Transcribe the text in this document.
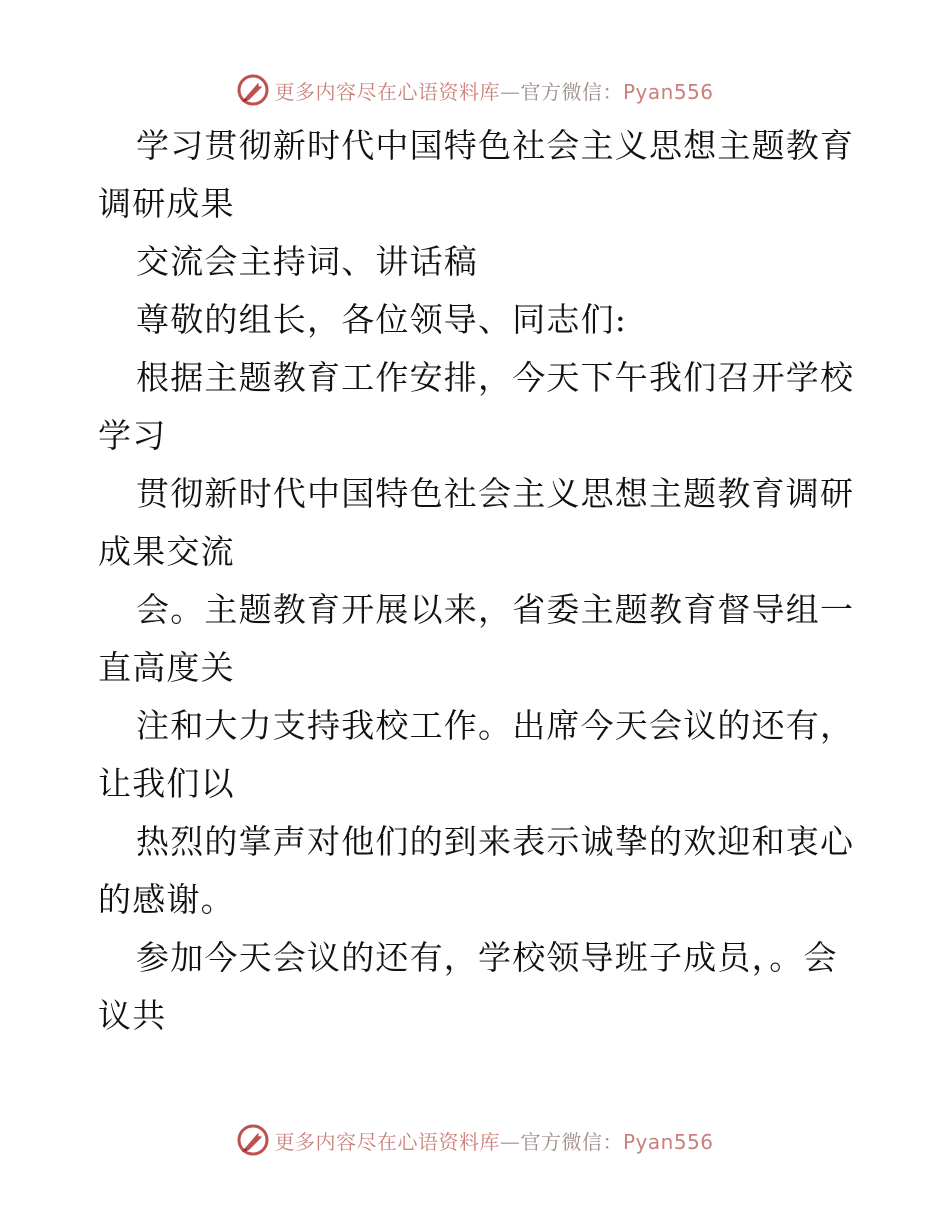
更多内容尽在心语资料库—官方微信：Pyan556
学习贯彻新时代中国特色社会主义思想主题教育
调研成果
交流会主持词、讲话稿
尊敬的组长，各位领导、同志们:
根据主题教育工作安排，今天下午我们召开学校
学习
贯彻新时代中国特色社会主义思想主题教育调研
成果交流
会。主题教育开展以来，省委主题教育督导组一
直高度关
注和大力支持我校工作。出席今天会议的还有，
让我们以
热烈的掌声对他们的到来表示诚挚的欢迎和衷心
的感谢。
参加今天会议的还有，学校领导班子成员，。会
议共
更多内容尽在心语资料库—官方微信：Pyan556
